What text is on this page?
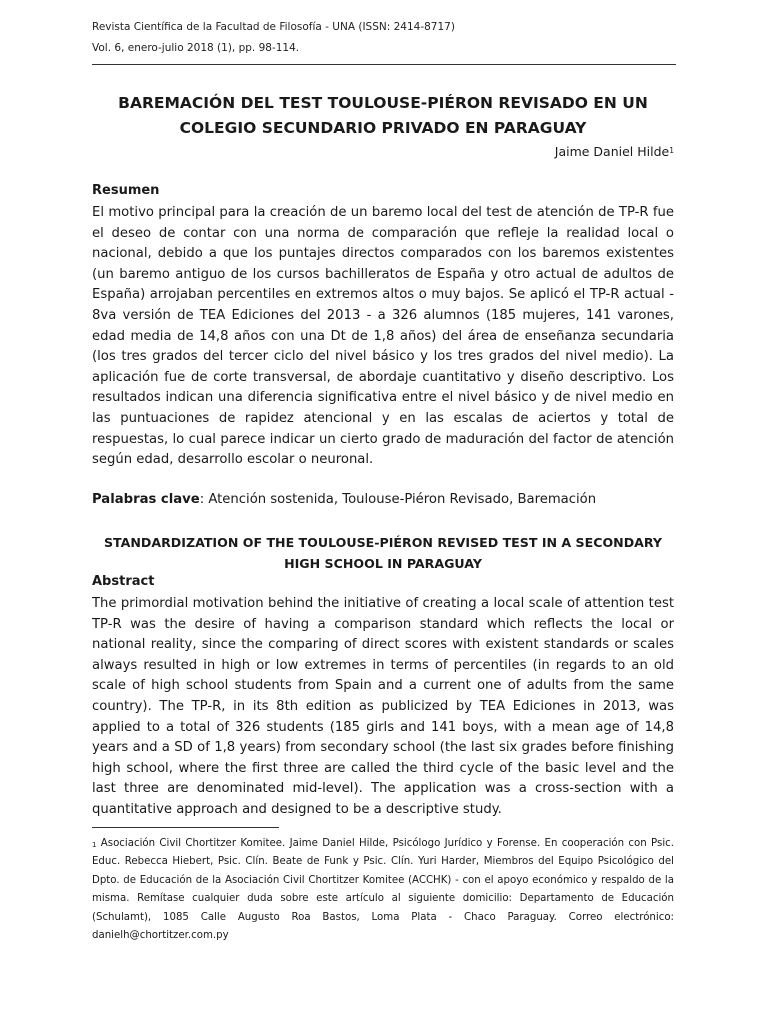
Revista Científica de la Facultad de Filosofía - UNA (ISSN: 2414-8717)
Vol. 6, enero-julio 2018 (1), pp. 98-114.
BAREMACIÓN DEL TEST TOULOUSE-PIÉRON REVISADO EN UN
COLEGIO SECUNDARIO PRIVADO EN PARAGUAY
Jaime Daniel Hilde$^1$
Resumen
El motivo principal para la creación de un baremo local del test de atención de TP-R fue el deseo de contar con una norma de comparación que refleje la realidad local o nacional, debido a que los puntajes directos comparados con los baremos existentes (un baremo antiguo de los cursos bachilleratos de España y otro actual de adultos de España) arrojaban percentiles en extremos altos o muy bajos. Se aplicó el TP-R actual - 8va versión de TEA Ediciones del 2013 - a 326 alumnos (185 mujeres, 141 varones, edad media de 14,8 años con una Dt de 1,8 años) del área de enseñanza secundaria (los tres grados del tercer ciclo del nivel básico y los tres grados del nivel medio). La aplicación fue de corte transversal, de abordaje cuantitativo y diseño descriptivo. Los resultados indican una diferencia significativa entre el nivel básico y de nivel medio en las puntuaciones de rapidez atencional y en las escalas de aciertos y total de respuestas, lo cual parece indicar un cierto grado de maduración del factor de atención según edad, desarrollo escolar o neuronal.
Palabras clave: Atención sostenida, Toulouse-Piéron Revisado, Baremación
STANDARDIZATION OF THE TOULOUSE-PIÉRON REVISED TEST IN A SECONDARY
HIGH SCHOOL IN PARAGUAY
Abstract
The primordial motivation behind the initiative of creating a local scale of attention test TP-R was the desire of having a comparison standard which reflects the local or national reality, since the comparing of direct scores with existent standards or scales always resulted in high or low extremes in terms of percentiles (in regards to an old scale of high school students from Spain and a current one of adults from the same country). The TP-R, in its 8th edition as publicized by TEA Ediciones in 2013, was applied to a total of 326 students (185 girls and 141 boys, with a mean age of 14,8 years and a SD of 1,8 years) from secondary school (the last six grades before finishing high school, where the first three are called the third cycle of the basic level and the last three are denominated mid-level). The application was a cross-section with a quantitative approach and designed to be a descriptive study.
$^1$ Asociación Civil Chortitzer Komitee. Jaime Daniel Hilde, Psicólogo Jurídico y Forense. En cooperación con Psic. Educ. Rebecca Hiebert, Psic. Clín. Beate de Funk y Psic. Clín. Yuri Harder, Miembros del Equipo Psicológico del Dpto. de Educación de la Asociación Civil Chortitzer Komitee (ACCHK) - con el apoyo económico y respaldo de la misma. Remítase cualquier duda sobre este artículo al siguiente domicilio: Departamento de Educación (Schulamt), 1085 Calle Augusto Roa Bastos, Loma Plata - Chaco Paraguay. Correo electrónico: danielh@chortitzer.com.py
